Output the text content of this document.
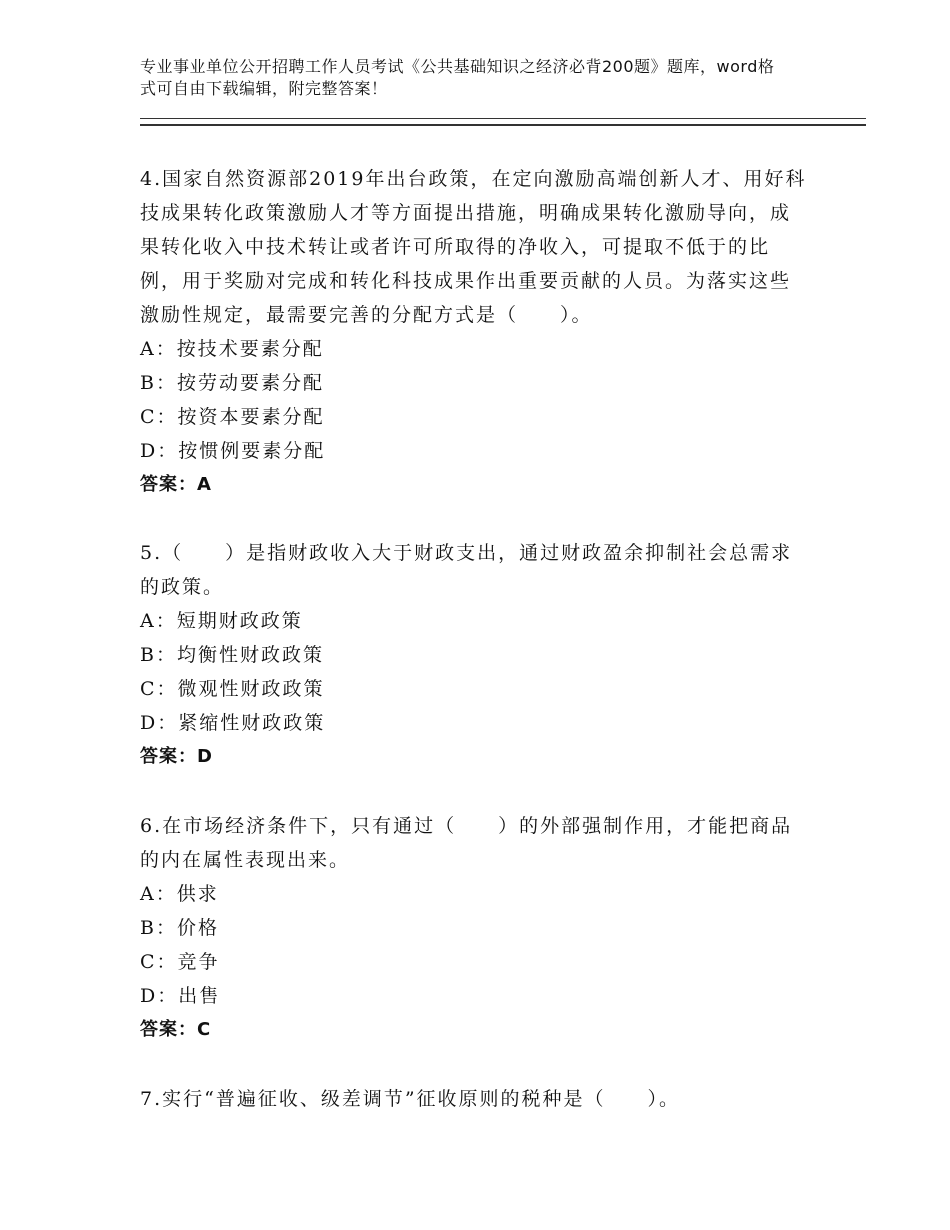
专业事业单位公开招聘工作人员考试《公共基础知识之经济必背200题》题库，word格式可自由下载编辑，附完整答案！

4.国家自然资源部2019年出台政策，在定向激励高端创新人才、用好科技成果转化政策激励人才等方面提出措施，明确成果转化激励导向，成果转化收入中技术转让或者许可所取得的净收入，可提取不低于的比例，用于奖励对完成和转化科技成果作出重要贡献的人员。为落实这些激励性规定，最需要完善的分配方式是（　　）。

A：按技术要素分配

B：按劳动要素分配

C：按资本要素分配

D：按惯例要素分配

答案：A

5.（　　）是指财政收入大于财政支出，通过财政盈余抑制社会总需求的政策。

A：短期财政政策

B：均衡性财政政策

C：微观性财政政策

D：紧缩性财政政策

答案：D

6.在市场经济条件下，只有通过（　　）的外部强制作用，才能把商品的内在属性表现出来。

A：供求

B：价格

C：竞争

D：出售

答案：C

7.实行“普遍征收、级差调节”征收原则的税种是（　　）。
